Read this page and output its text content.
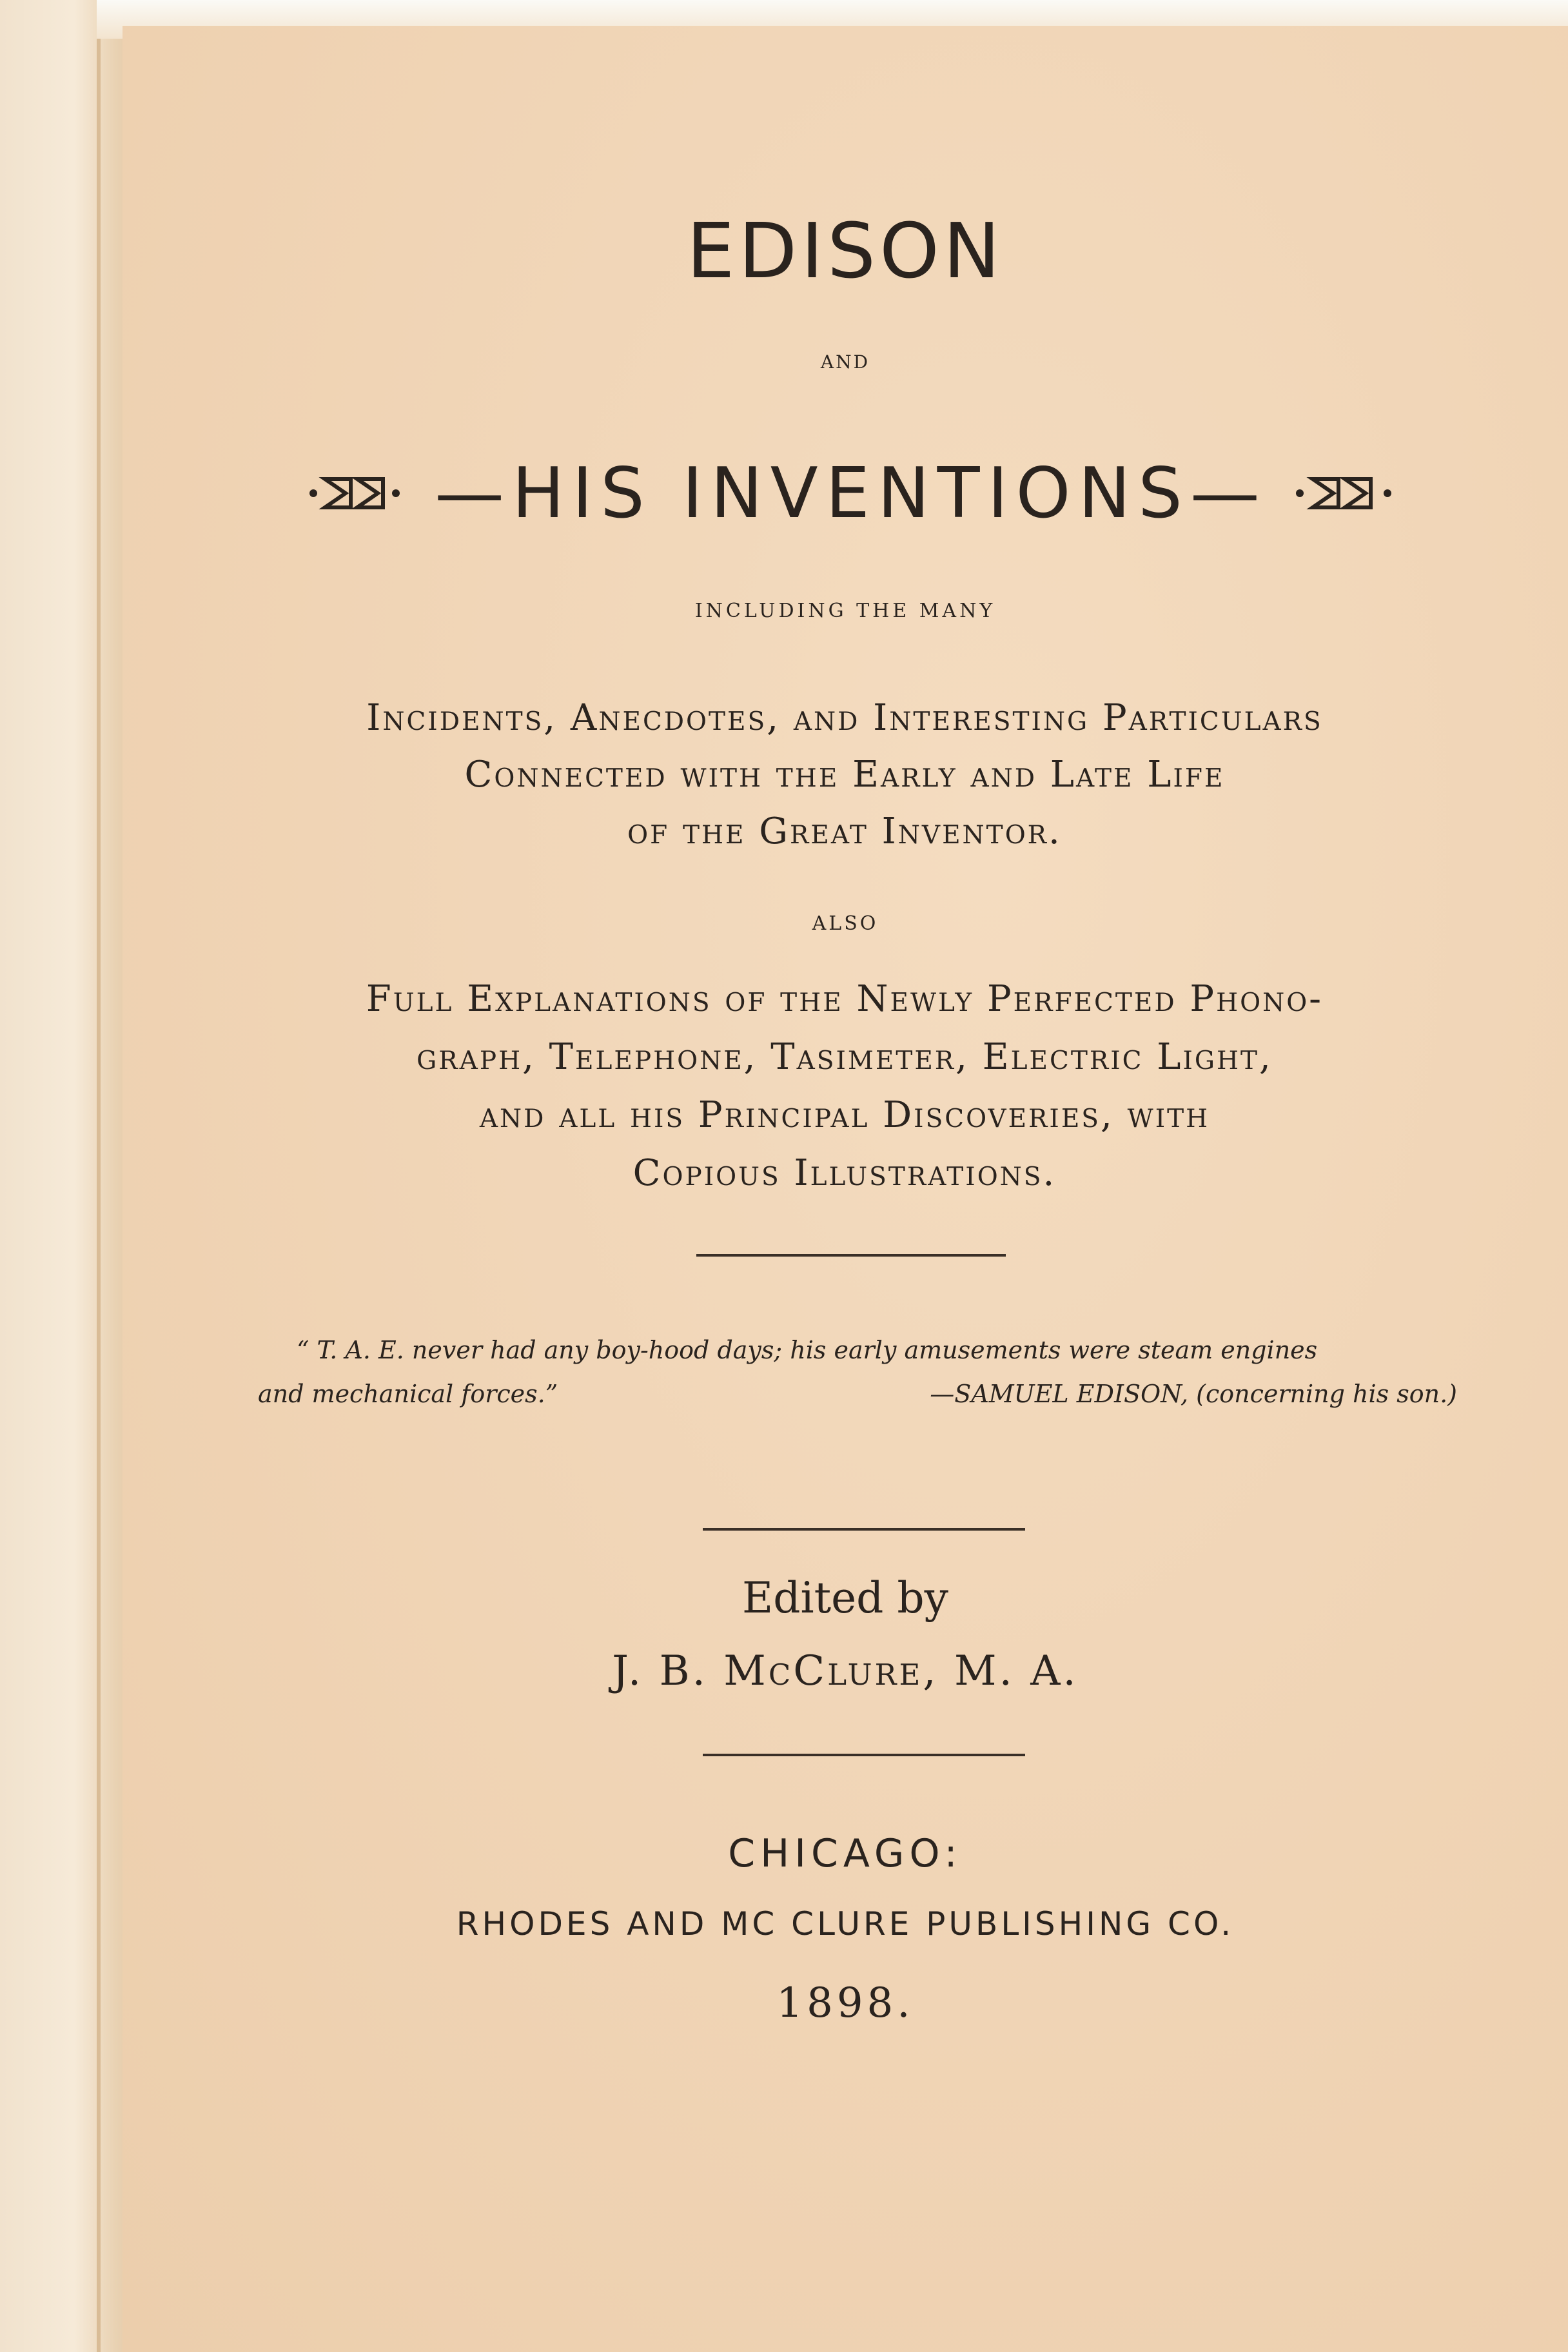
EDISON

AND

—HIS INVENTIONS—

INCLUDING THE MANY

Incidents, Anecdotes, and Interesting Particulars
Connected with the Early and Late Life
of the Great Inventor.

ALSO

Full Explanations of the Newly Perfected Phono-
graph, Telephone, Tasimeter, Electric Light,
and all his Principal Discoveries, with
Copious Illustrations.
“ T. A. E. never had any boy-hood days; his early amusements were steam engines
and mechanical forces.”	—SAMUEL EDISON, (concerning his son.)

Edited by

J. B. McClure, M. A.

CHICAGO:

RHODES AND MC CLURE PUBLISHING CO.

1898.
